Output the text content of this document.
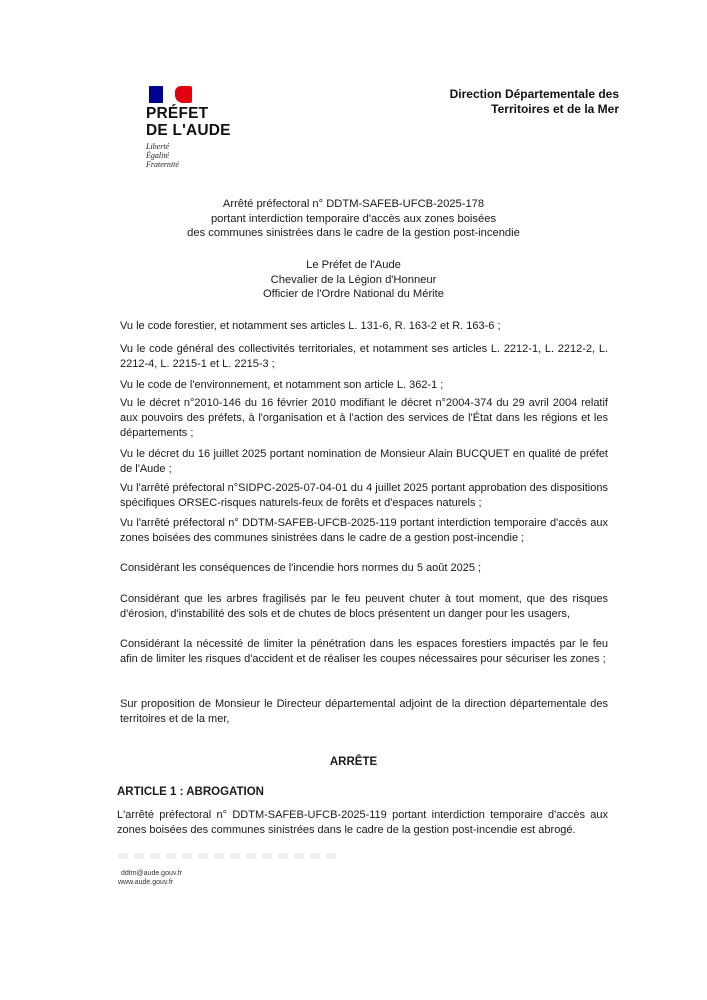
PRÉFET
DE L'AUDE
Liberté
Égalité
Fraternité
Direction Départementale des
Territoires et de la Mer
Arrêté préfectoral n° DDTM-SAFEB-UFCB-2025-178
portant interdiction temporaire d'accès aux zones boisées
des communes sinistrées dans le cadre de la gestion post-incendie
Le Préfet de l'Aude
Chevalier de la Légion d'Honneur
Officier de l'Ordre National du Mérite
Vu le code forestier, et notamment ses articles L. 131-6, R. 163-2 et R. 163-6 ;
Vu le code général des collectivités territoriales, et notamment ses articles L. 2212-1, L. 2212-2, L. 2212-4, L. 2215-1 et L. 2215-3 ;
Vu le code de l'environnement, et notamment son article L. 362-1 ;
Vu le décret n°2010-146 du 16 février 2010 modifiant le décret n°2004-374 du 29 avril 2004 relatif aux pouvoirs des préfets, à l'organisation et à l'action des services de l'État dans les régions et les départements ;
Vu le décret du 16 juillet 2025 portant nomination de Monsieur Alain BUCQUET en qualité de préfet de l'Aude ;
Vu l'arrêté préfectoral n°SIDPC-2025-07-04-01 du 4 juillet 2025 portant approbation des dispositions spécifiques ORSEC-risques naturels-feux de forêts et d'espaces naturels ;
Vu l'arrêté préfectoral n° DDTM-SAFEB-UFCB-2025-119 portant interdiction temporaire d'accès aux zones boisées des communes sinistrées dans le cadre de a gestion post-incendie ;
Considérant les conséquences de l'incendie hors normes du 5 août 2025 ;
Considérant que les arbres fragilisés par le feu peuvent chuter à tout moment, que des risques d'érosion, d'instabilité des sols et de chutes de blocs présentent un danger pour les usagers,
Considérant la nécessité de limiter la pénétration dans les espaces forestiers impactés par le feu afin de limiter les risques d'accident et de réaliser les coupes nécessaires pour sécuriser les zones ;
Sur proposition de Monsieur le Directeur départemental adjoint de la direction départementale des territoires et de la mer,
ARRÊTE
ARTICLE 1 : ABROGATION
L'arrêté préfectoral n° DDTM-SAFEB-UFCB-2025-119 portant interdiction temporaire d'accès aux zones boisées des communes sinistrées dans le cadre de la gestion post-incendie est abrogé.
ddtm@aude.gouv.fr
www.aude.gouv.fr
